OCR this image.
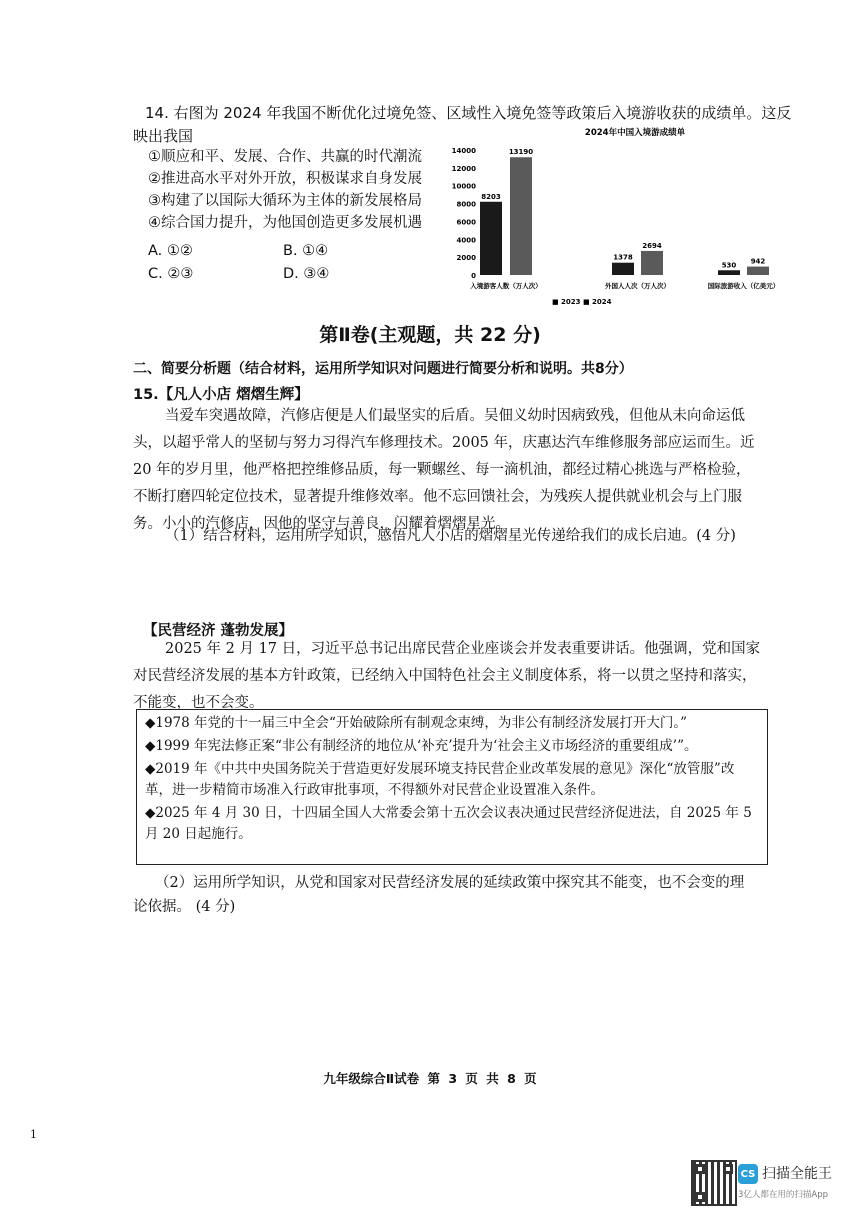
14. 右图为 2024 年我国不断优化过境免签、区域性入境免签等政策后入境游收获的成绩单。这反
映出我国
①顺应和平、发展、合作、共赢的时代潮流
②推进高水平对外开放，积极谋求自身发展
③构建了以国际大循环为主体的新发展格局
④综合国力提升，为他国创造更多发展机遇
A. ①②	B. ①④
C. ②③	D. ③④
2024年中国入境游成绩单
14000
12000
10000
8000
6000
4000
2000
0
8203
13190
1378
2694
530 942
入境游客人数（万人次）	外国人人次（万人次）	国际旅游收入（亿美元）
■ 2023 ■ 2024
第Ⅱ卷(主观题，共 22 分)
二、简要分析题（结合材料，运用所学知识对问题进行简要分析和说明。共8分）
15.【凡人小店 熠熠生辉】
当爱车突遇故障，汽修店便是人们最坚实的后盾。吴佃义幼时因病致残，但他从未向命运低
头，以超乎常人的坚韧与努力习得汽车修理技术。2005 年，庆惠达汽车维修服务部应运而生。近
20 年的岁月里，他严格把控维修品质，每一颗螺丝、每一滴机油，都经过精心挑选与严格检验，
不断打磨四轮定位技术，显著提升维修效率。他不忘回馈社会，为残疾人提供就业机会与上门服
务。小小的汽修店，因他的坚守与善良，闪耀着熠熠星光。
（1）结合材料，运用所学知识，感悟凡人小店的熠熠星光传递给我们的成长启迪。(4 分)
【民营经济 蓬勃发展】
2025 年 2 月 17 日，习近平总书记出席民营企业座谈会并发表重要讲话。他强调，党和国家
对民营经济发展的基本方针政策，已经纳入中国特色社会主义制度体系，将一以贯之坚持和落实，
不能变，也不会变。

◆1978 年党的十一届三中全会“开始破除所有制观念束缚，为非公有制经济发展打开大门。”

◆1999 年宪法修正案“非公有制经济的地位从‘补充’提升为‘社会主义市场经济的重要组成’”。

◆2019 年《中共中央国务院关于营造更好发展环境支持民营企业改革发展的意见》深化“放管服”改革，进一步精简市场准入行政审批事项，不得额外对民营企业设置准入条件。

◆2025 年 4 月 30 日，十四届全国人大常委会第十五次会议表决通过民营经济促进法，自 2025 年 5 月 20 日起施行。

（2）运用所学知识，从党和国家对民营经济发展的延续政策中探究其不能变，也不会变的理
论依据。 (4 分)
九年级综合Ⅱ试卷 第 3 页 共 8 页
1
CS 扫描全能王
3亿人都在用的扫描App
